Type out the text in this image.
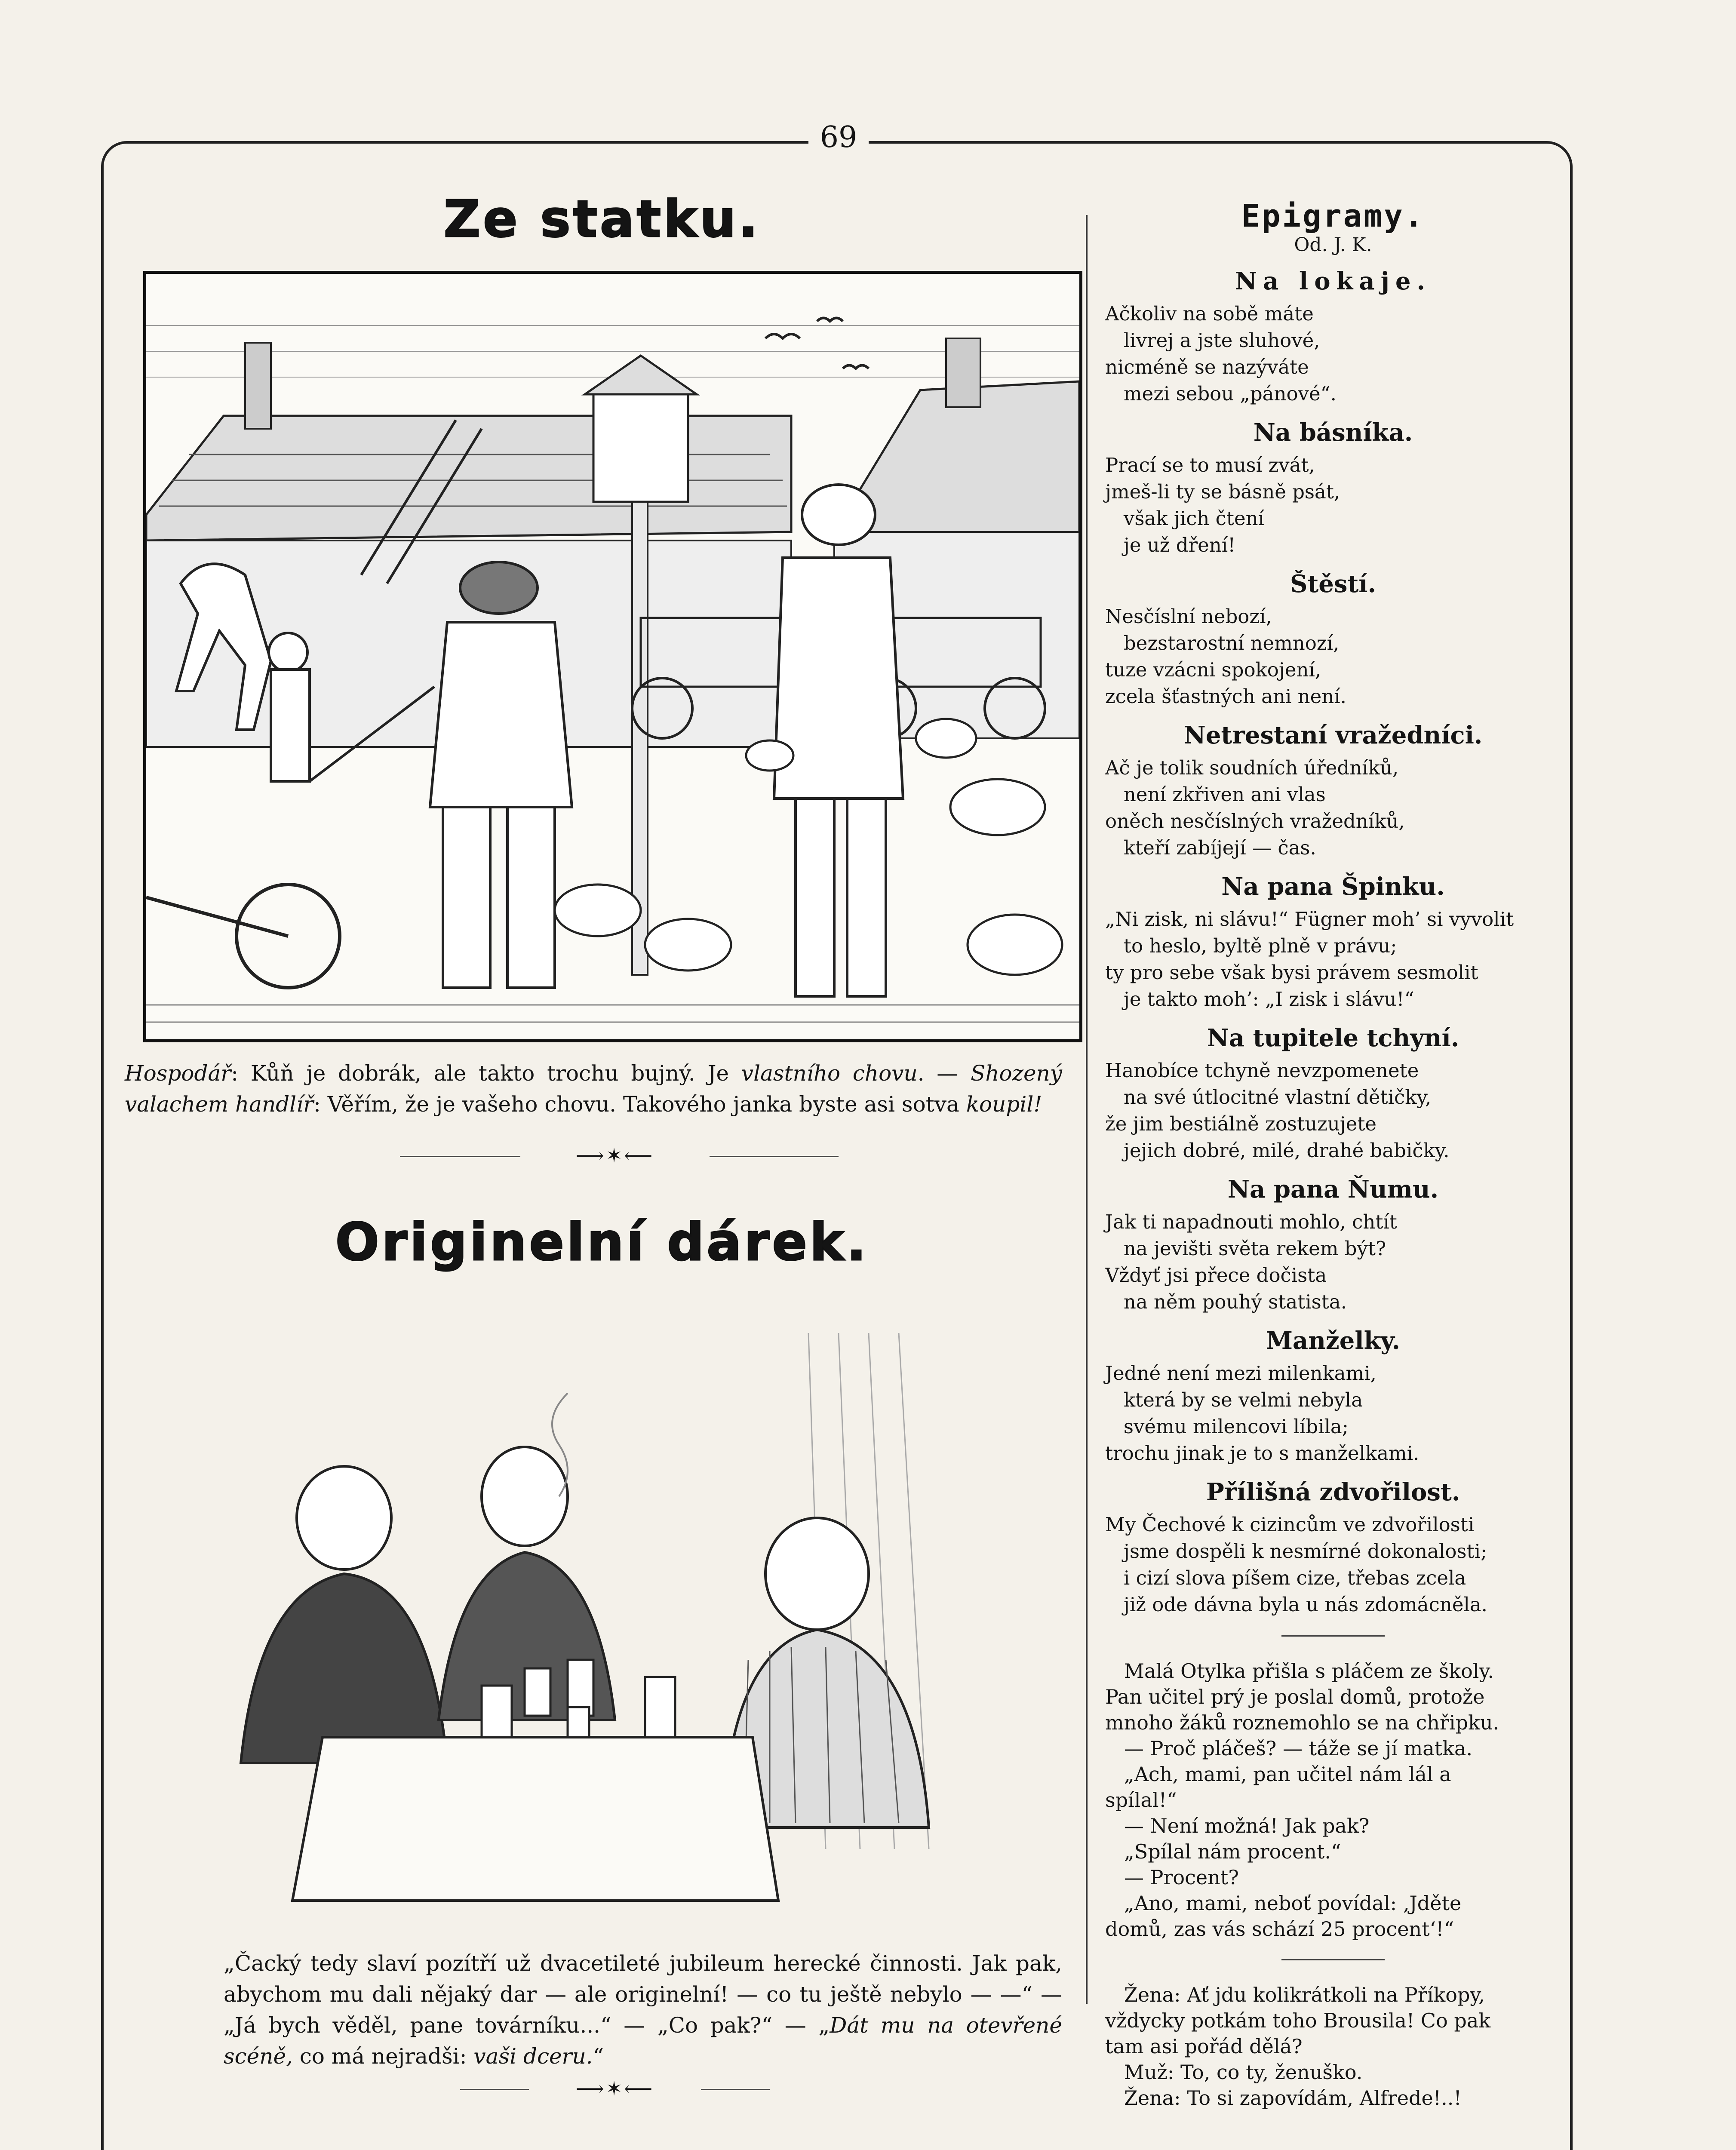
69
Ze statku.
Hospodář: Kůň je dobrák, ale takto trochu bujný. Je vlastního chovu. — Shozený valachem handlíř: Věřím, že je vašeho chovu. Takového janka byste asi sotva koupil!
⟶✶⟵
Originelní dárek.
„Čacký tedy slaví pozítří už dvacetileté jubileum herecké činnosti. Jak pak, abychom mu dali nějaký dar — ale originelní! — co tu ještě nebylo — —“ — „Já bych věděl, pane továrníku...“ — „Co pak?“ — „Dát mu na otevřené scéně, co má nejradši: vaši dceru.“
⟶✶⟵

Epigramy.

Od. J. K.

Na lokaje.
Ačkoliv na sobě máte
livrej a jste sluhové,
nicméně se nazýváte
mezi sebou „pánové“.
Na básníka.
Prací se to musí zvát,
jmeš-li ty se básně psát,
však jich čtení
je už dření!
Štěstí.
Nesčíslní nebozí,
bezstarostní nemnozí,
tuze vzácni spokojení,
zcela šťastných ani není.
Netrestaní vražedníci.
Ač je tolik soudních úředníků,
není zkřiven ani vlas
oněch nesčíslných vražedníků,
kteří zabíjejí — čas.
Na pana Špinku.
„Ni zisk, ni slávu!“ Fügner moh’ si vyvolit
to heslo, byltě plně v právu;
ty pro sebe však bysi právem sesmolit
je takto moh’: „I zisk i slávu!“
Na tupitele tchyní.
Hanobíce tchyně nevzpomenete
na své útlocitné vlastní dětičky,
že jim bestiálně zostuzujete
jejich dobré, milé, drahé babičky.
Na pana Ňumu.
Jak ti napadnouti mohlo, chtít
na jevišti světa rekem být?
Vždyť jsi přece dočista
na něm pouhý statista.
Manželky.
Jedné není mezi milenkami,
která by se velmi nebyla
svému milencovi líbila;
trochu jinak je to s manželkami.
Přílišná zdvořilost.
My Čechové k cizincům ve zdvořilosti
jsme dospěli k nesmírné dokonalosti;
i cizí slova píšem cize, třebas zcela
již ode dávna byla u nás zdomácněla.
Malá Otylka přišla s pláčem ze školy.
Pan učitel prý je poslal domů, protože
mnoho žáků roznemohlo se na chřipku.
— Proč pláčeš? — táže se jí matka.
„Ach, mami, pan učitel nám lál a
spílal!“
— Není možná! Jak pak?
„Spílal nám procent.“
— Procent?
„Ano, mami, neboť povídal: ‚Jděte
domů, zas vás schází 25 procent‘!“
Žena: Ať jdu kolikrátkoli na Příkopy,
vždycky potkám toho Brousila! Co pak
tam asi pořád dělá?
Muž: To, co ty, ženuško.
Žena: To si zapovídám, Alfrede!..!
